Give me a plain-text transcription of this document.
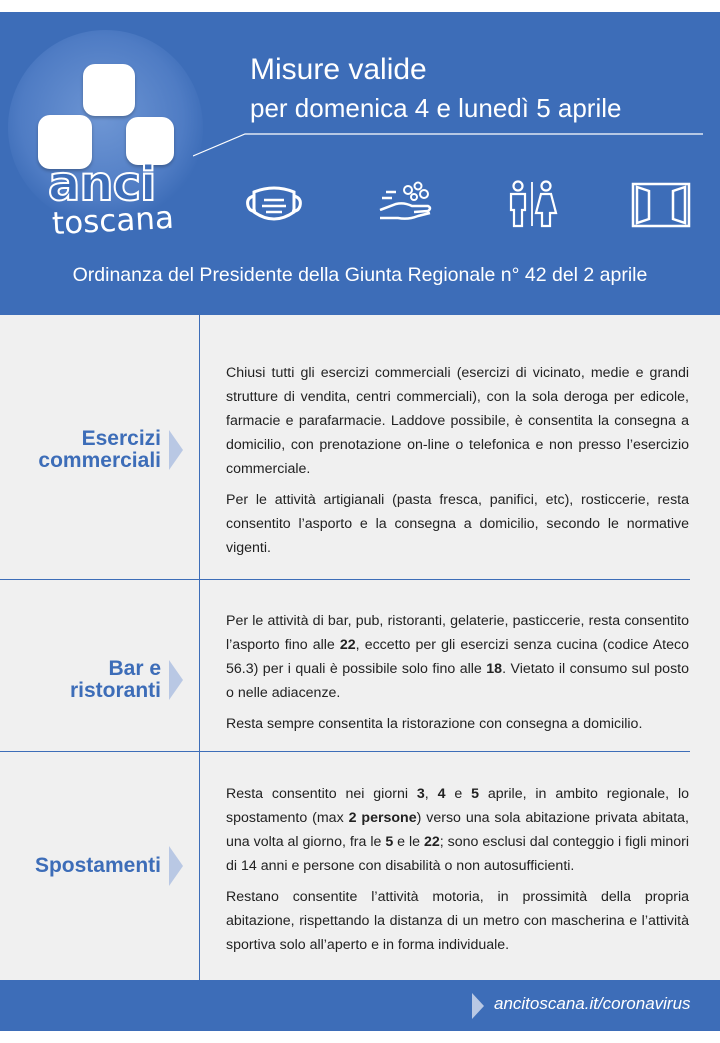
anci
toscana
Misure valide
per domenica 4 e lunedì 5 aprile
Ordinanza del Presidente della Giunta Regionale n° 42 del 2 aprile
Esercizi
commerciali

Chiusi tutti gli esercizi commerciali (esercizi di vicinato, medie e grandi strutture di vendita, centri commerciali), con la sola deroga per edicole, farmacie e parafarmacie. Laddove possibile, è consentita la consegna a domicilio, con prenotazione on-line o telefonica e non presso l’esercizio commerciale.

Per le attività artigianali (pasta fresca, panifici, etc), rosticcerie, resta consentito l’asporto e la consegna a domicilio, secondo le normative vigenti.

Bar e
ristoranti

Per le attività di bar, pub, ristoranti, gelaterie, pasticcerie, resta consentito l’asporto fino alle 22, eccetto per gli esercizi senza cucina (codice Ateco 56.3) per i quali è possibile solo fino alle 18. Vietato il consumo sul posto o nelle adiacenze.

Resta sempre consentita la ristorazione con consegna a domicilio.

Spostamenti

Resta consentito nei giorni 3, 4 e 5 aprile, in ambito regionale, lo spostamento (max 2 persone) verso una sola abitazione privata abitata, una volta al giorno, fra le 5 e le 22; sono esclusi dal conteggio i figli minori di 14 anni e persone con disabilità o non autosufficienti.

Restano consentite l’attività motoria, in prossimità della propria abitazione, rispettando la distanza di un metro con mascherina e l’attività sportiva solo all’aperto e in forma individuale.

ancitoscana.it/coronavirus
